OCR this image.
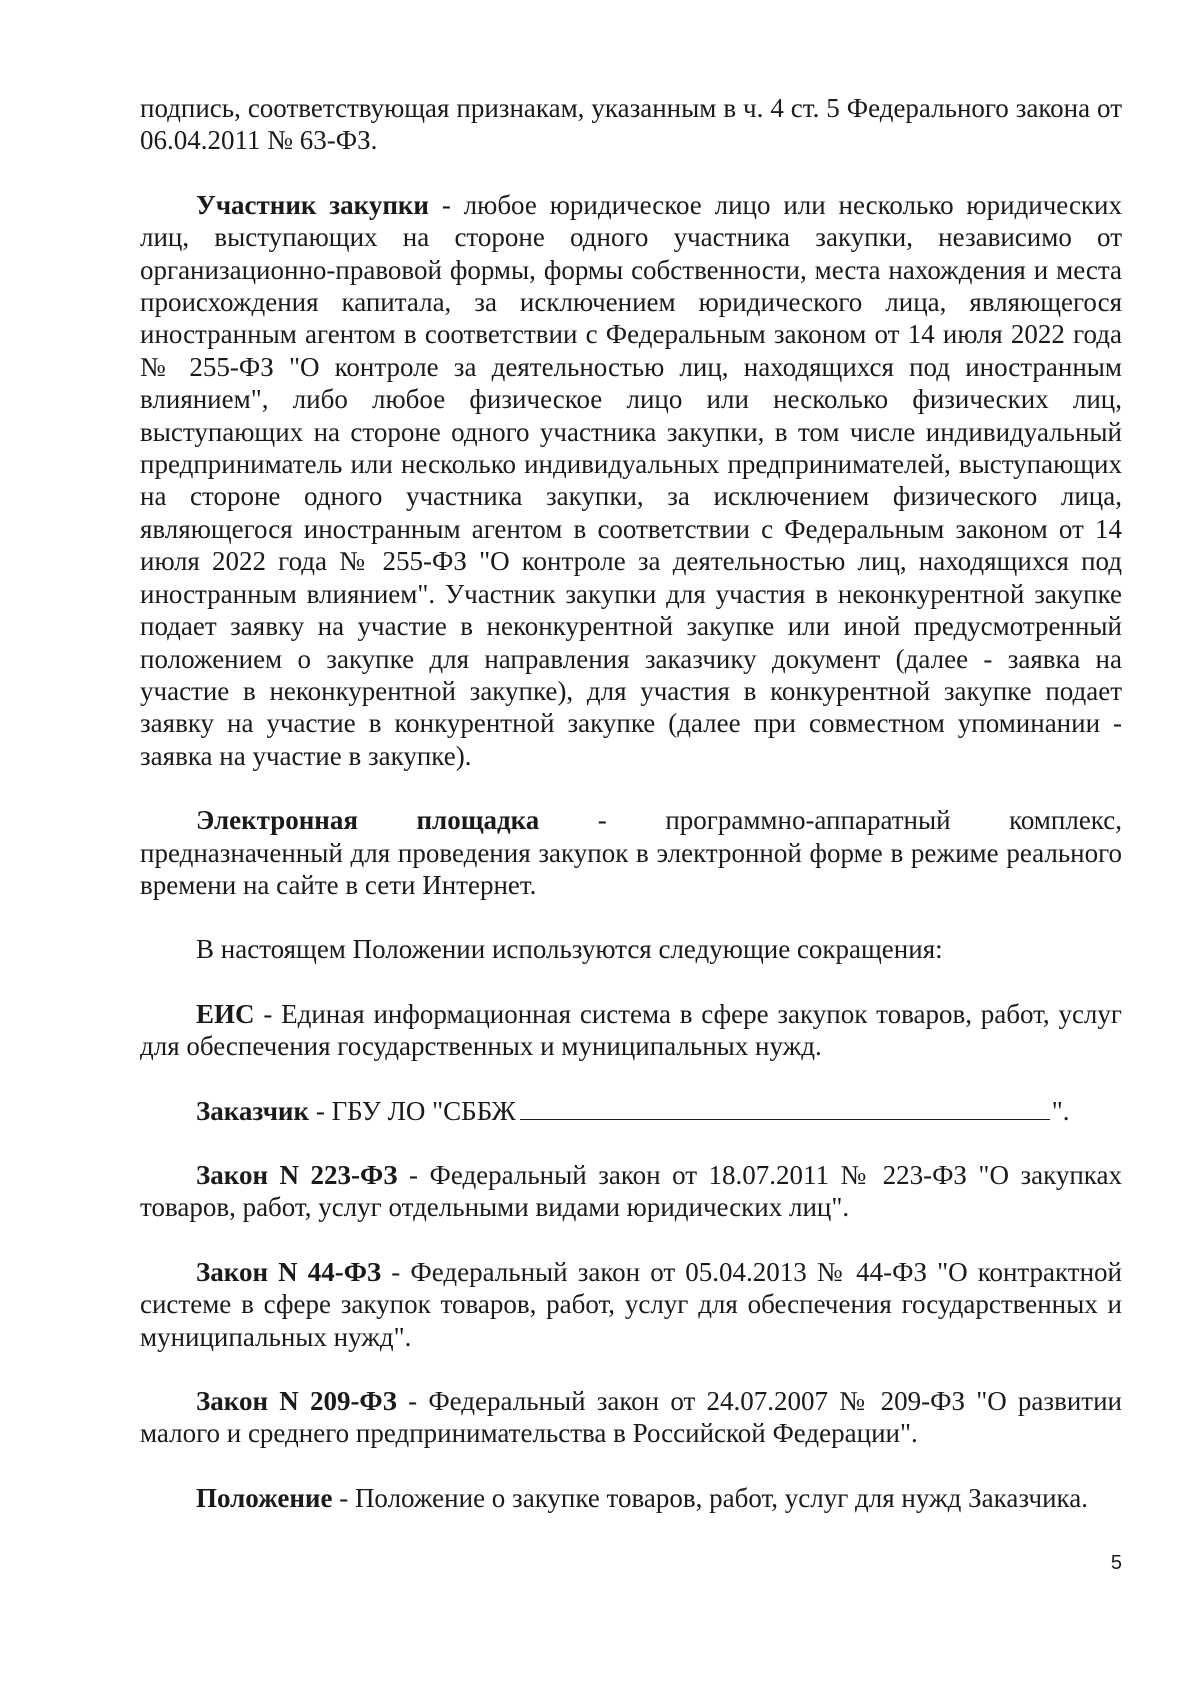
подпись, соответствующая признакам, указанным в ч. 4 ст. 5 Федерального закона от 06.04.2011 № 63-ФЗ.

Участник закупки - любое юридическое лицо или несколько юридических лиц, выступающих на стороне одного участника закупки, независимо от организационно-правовой формы, формы собственности, места нахождения и места происхождения капитала, за исключением юридического лица, являющегося иностранным агентом в соответствии с Федеральным законом от 14 июля 2022 года № 255-ФЗ "О контроле за деятельностью лиц, находящихся под иностранным влиянием", либо любое физическое лицо или несколько физических лиц, выступающих на стороне одного участника закупки, в том числе индивидуальный предприниматель или несколько индивидуальных предпринимателей, выступающих на стороне одного участника закупки, за исключением физического лица, являющегося иностранным агентом в соответствии с Федеральным законом от 14 июля 2022 года № 255-ФЗ "О контроле за деятельностью лиц, находящихся под иностранным влиянием". Участник закупки для участия в неконкурентной закупке подает заявку на участие в неконкурентной закупке или иной предусмотренный положением о закупке для направления заказчику документ (далее - заявка на участие в неконкурентной закупке), для участия в конкурентной закупке подает заявку на участие в конкурентной закупке (далее при совместном упоминании - заявка на участие в закупке).

Электронная площадка - программно-аппаратный комплекс, предназначенный для проведения закупок в электронной форме в режиме реального времени на сайте в сети Интернет.

В настоящем Положении используются следующие сокращения:

ЕИС - Единая информационная система в сфере закупок товаров, работ, услуг для обеспечения государственных и муниципальных нужд.

Заказчик - ГБУ ЛО "СББЖ	".

Закон N 223-ФЗ - Федеральный закон от 18.07.2011 № 223-ФЗ "О закупках товаров, работ, услуг отдельными видами юридических лиц".

Закон N 44-ФЗ - Федеральный закон от 05.04.2013 № 44-ФЗ "О контрактной системе в сфере закупок товаров, работ, услуг для обеспечения государственных и муниципальных нужд".

Закон N 209-ФЗ - Федеральный закон от 24.07.2007 № 209-ФЗ "О развитии малого и среднего предпринимательства в Российской Федерации".

Положение - Положение о закупке товаров, работ, услуг для нужд Заказчика.

5
